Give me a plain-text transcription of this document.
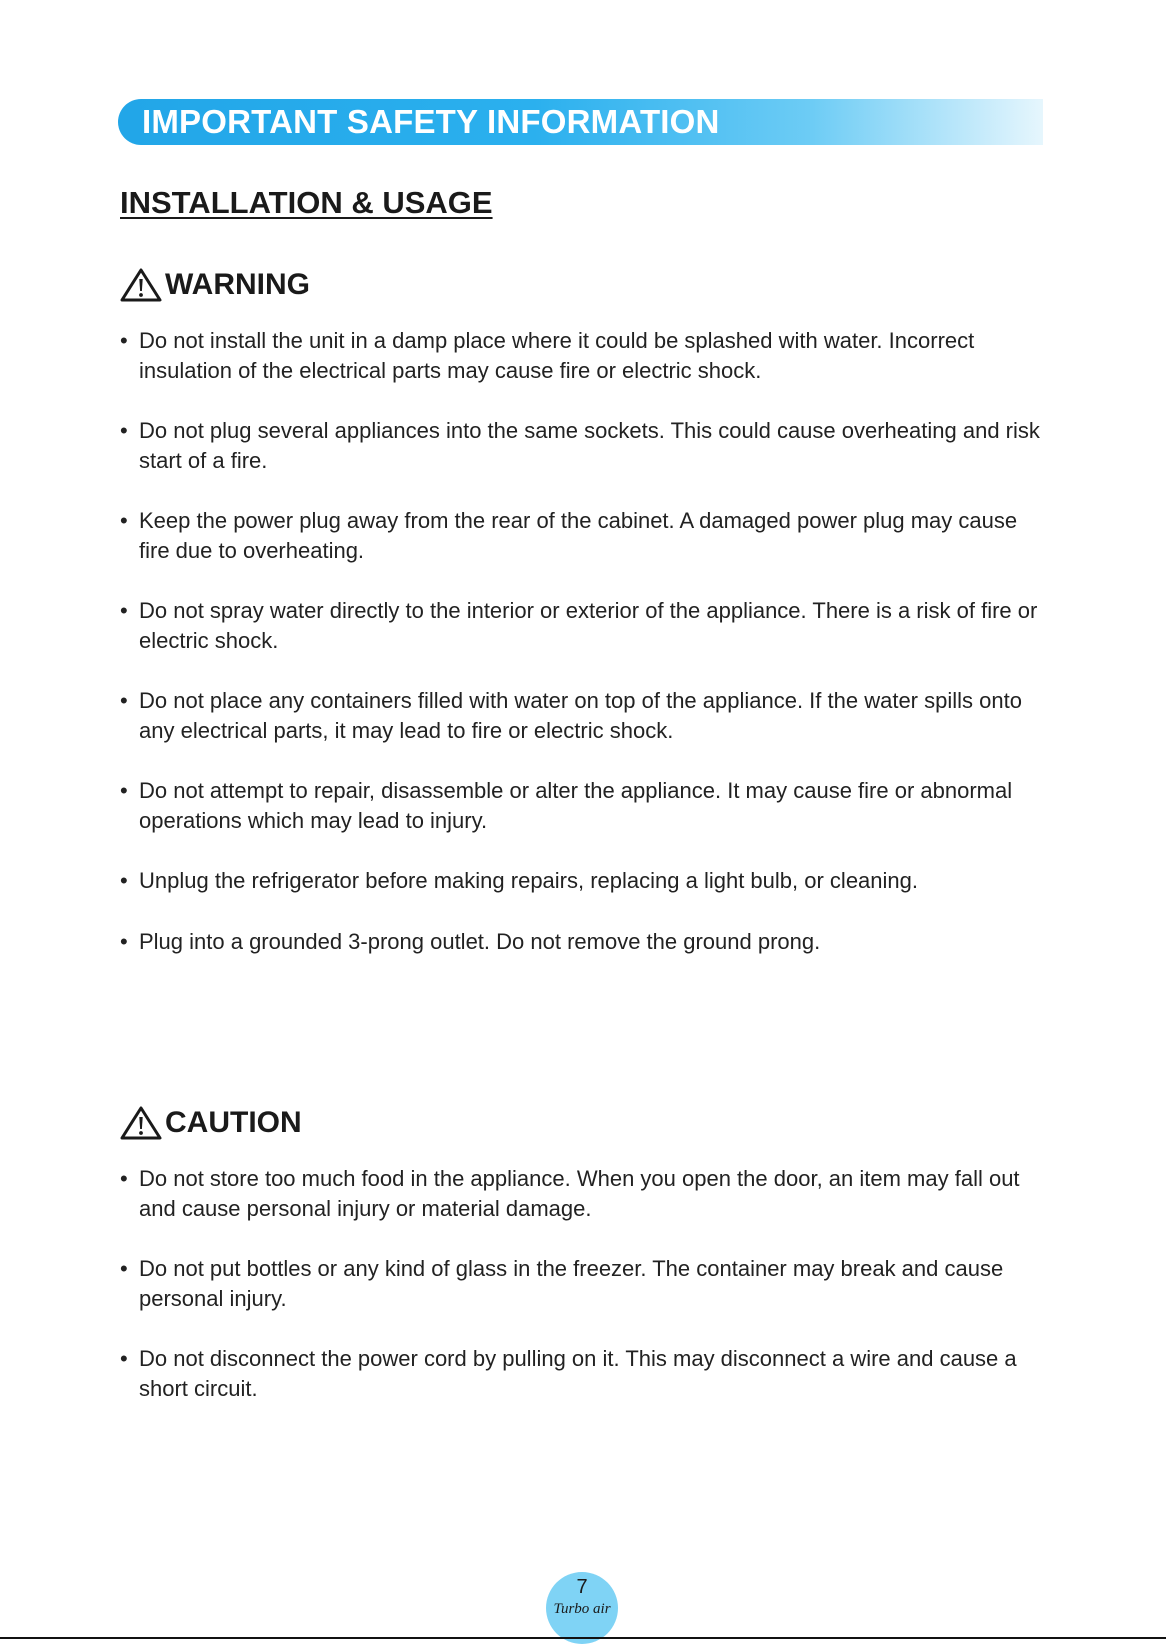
IMPORTANT SAFETY INFORMATION
INSTALLATION & USAGE
WARNING
• Do not install the unit in a damp place where it could be splashed with water. Incorrect insulation of the electrical parts may cause fire or electric shock.
• Do not plug several appliances into the same sockets. This could cause overheating and risk start of a fire.
• Keep the power plug away from the rear of the cabinet. A damaged power plug may cause fire due to overheating.
• Do not spray water directly to the interior or exterior of the appliance. There is a risk of fire or electric shock.
• Do not place any containers filled with water on top of the appliance. If the water spills onto any electrical parts, it may lead to fire or electric shock.
• Do not attempt to repair, disassemble or alter the appliance. It may cause fire or abnormal operations which may lead to injury.
• Unplug the refrigerator before making repairs, replacing a light bulb, or cleaning.
• Plug into a grounded 3-prong outlet. Do not remove the ground prong.
CAUTION
• Do not store too much food in the appliance. When you open the door, an item may fall out and cause personal injury or material damage.
• Do not put bottles or any kind of glass in the freezer. The container may break and cause personal injury.
• Do not disconnect the power cord by pulling on it. This may disconnect a wire and cause a short circuit.
7
Turbo air
